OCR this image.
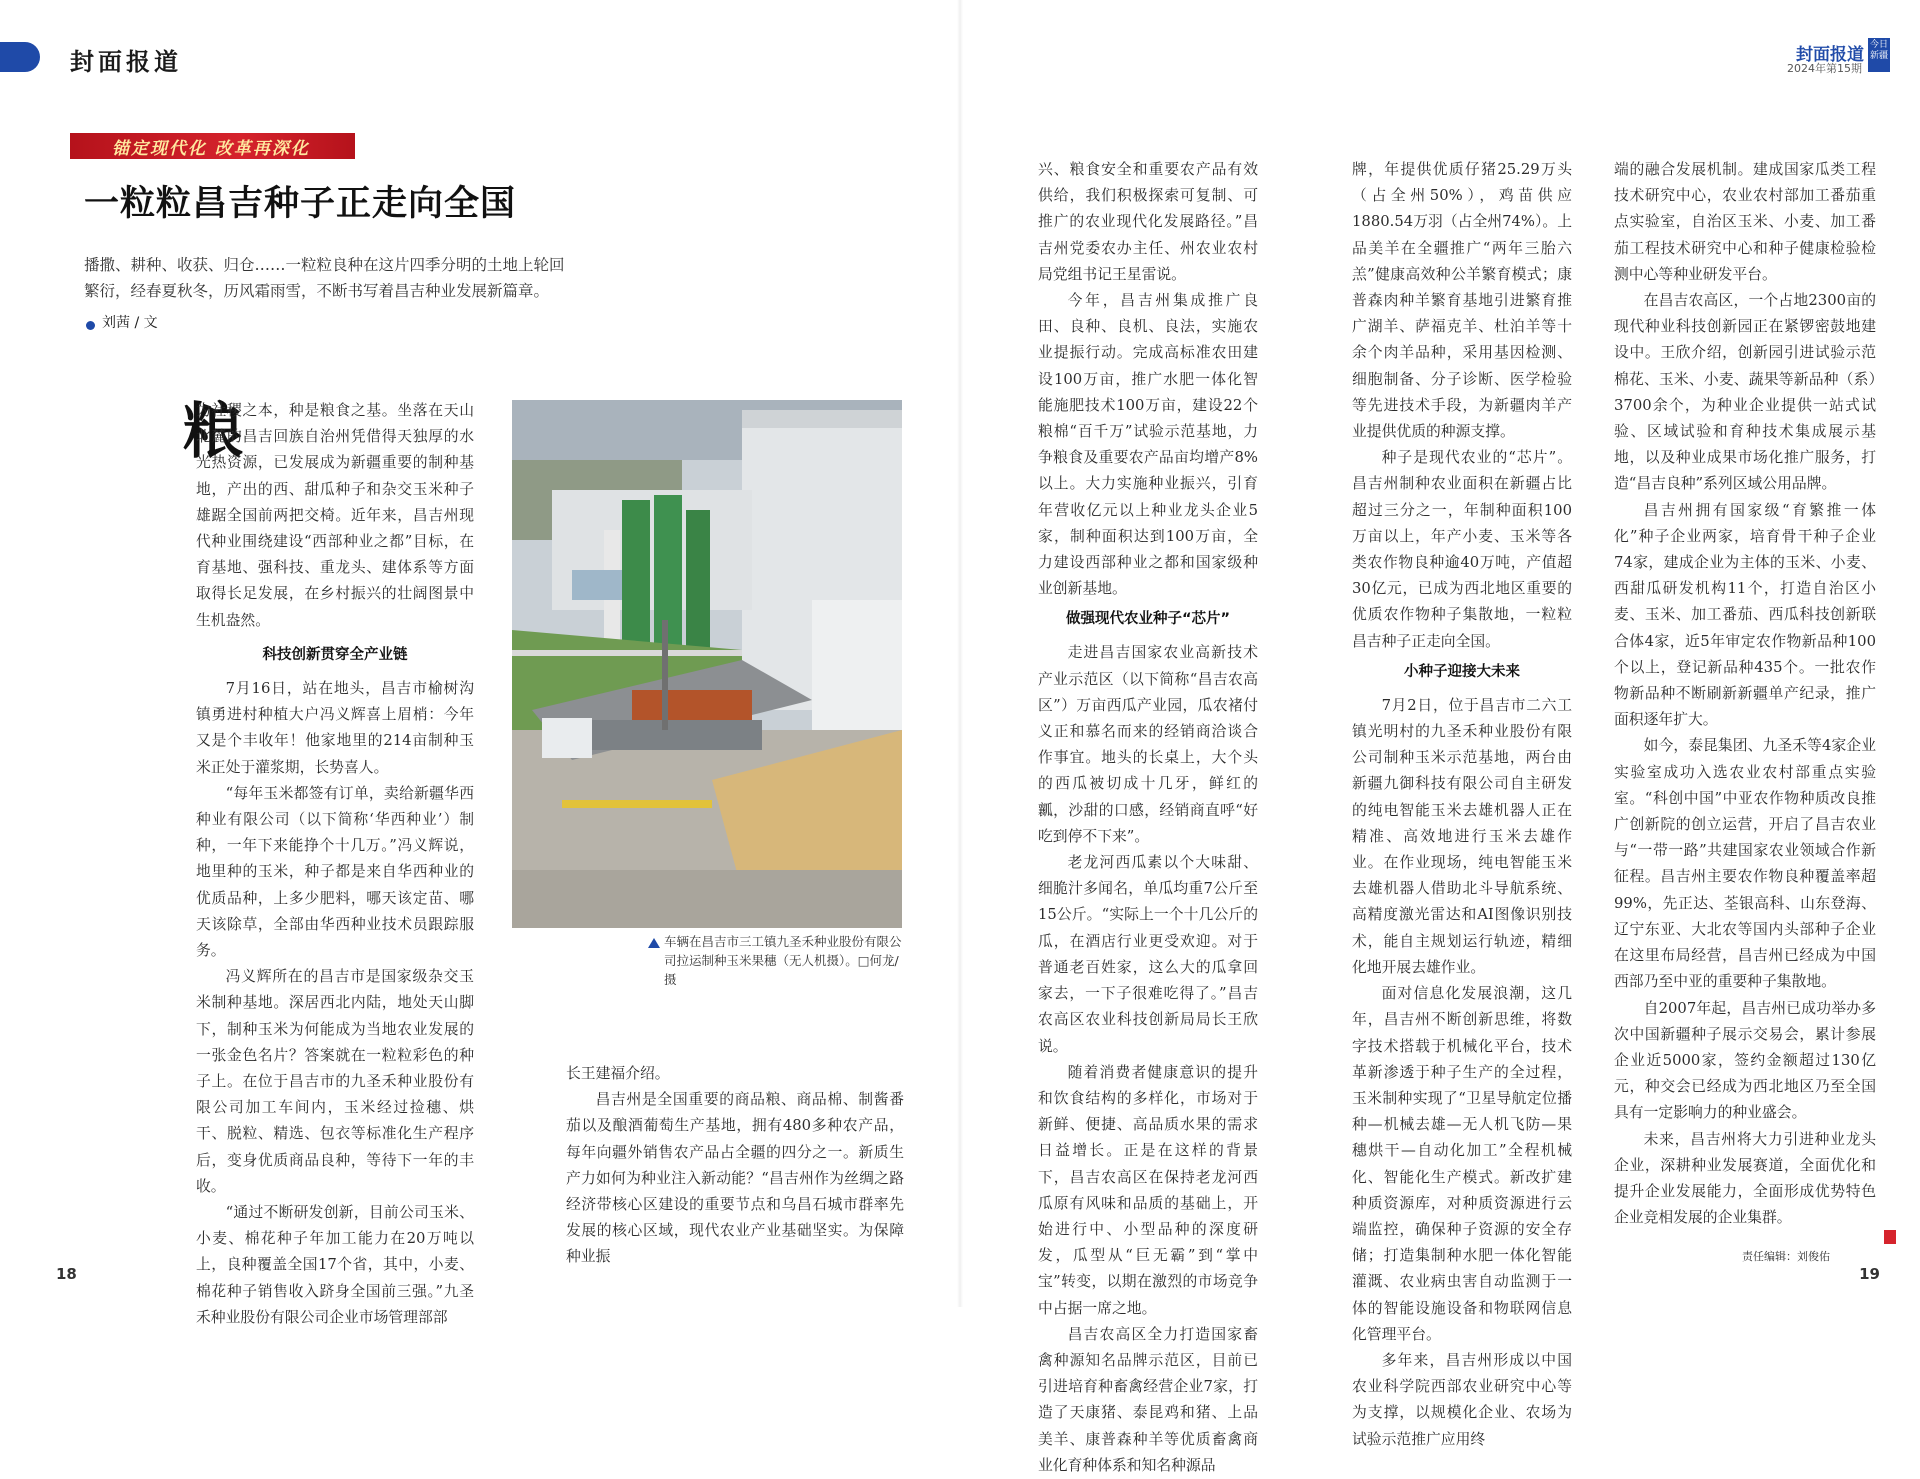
封面报道	封面报道 今日新疆
2024年第15期
锚定现代化 改革再深化
一粒粒昌吉种子正走向全国
播撒、耕种、收获、归仓……一粒粒良种在这片四季分明的土地上轮回繁衍，经春夏秋冬，历风霜雨雪，不断书写着昌吉种业发展新篇章。
刘茜 / 文
粮

为社稷之本，种是粮食之基。坐落在天山北麓的昌吉回族自治州凭借得天独厚的水光热资源，已发展成为新疆重要的制种基地，产出的西、甜瓜种子和杂交玉米种子雄踞全国前两把交椅。近年来，昌吉州现代种业围绕建设“西部种业之都”目标，在育基地、强科技、重龙头、建体系等方面取得长足发展，在乡村振兴的壮阔图景中生机盎然。

科技创新贯穿全产业链

7月16日，站在地头，昌吉市榆树沟镇勇进村种植大户冯义辉喜上眉梢：今年又是个丰收年！他家地里的214亩制种玉米正处于灌浆期，长势喜人。

“每年玉米都签有订单，卖给新疆华西种业有限公司（以下简称‘华西种业’）制种，一年下来能挣个十几万。”冯义辉说，地里种的玉米，种子都是来自华西种业的优质品种，上多少肥料，哪天该定苗、哪天该除草，全部由华西种业技术员跟踪服务。

冯义辉所在的昌吉市是国家级杂交玉米制种基地。深居西北内陆，地处天山脚下，制种玉米为何能成为当地农业发展的一张金色名片？答案就在一粒粒彩色的种子上。在位于昌吉市的九圣禾种业股份有限公司加工车间内，玉米经过捡穗、烘干、脱粒、精选、包衣等标准化生产程序后，变身优质商品良种，等待下一年的丰收。

“通过不断研发创新，目前公司玉米、小麦、棉花种子年加工能力在20万吨以上，良种覆盖全国17个省，其中，小麦、棉花种子销售收入跻身全国前三强。”九圣禾种业股份有限公司企业市场管理部部

车辆在昌吉市三工镇九圣禾种业股份有限公司拉运制种玉米果穗（无人机摄）。□何龙/摄

长王建福介绍。

昌吉州是全国重要的商品粮、商品棉、制酱番茄以及酿酒葡萄生产基地，拥有480多种农产品，每年向疆外销售农产品占全疆的四分之一。新质生产力如何为种业注入新动能？“昌吉州作为丝绸之路经济带核心区建设的重要节点和乌昌石城市群率先发展的核心区域，现代农业产业基础坚实。为保障种业振

兴、粮食安全和重要农产品有效供给，我们积极探索可复制、可推广的农业现代化发展路径。”昌吉州党委农办主任、州农业农村局党组书记王星雷说。

今年，昌吉州集成推广良田、良种、良机、良法，实施农业提振行动。完成高标准农田建设100万亩，推广水肥一体化智能施肥技术100万亩，建设22个粮棉“百千万”试验示范基地，力争粮食及重要农产品亩均增产8%以上。大力实施种业振兴，引育年营收亿元以上种业龙头企业5家，制种面积达到100万亩，全力建设西部种业之都和国家级种业创新基地。

做强现代农业种子“芯片”

走进昌吉国家农业高新技术产业示范区（以下简称“昌吉农高区”）万亩西瓜产业园，瓜农褚付义正和慕名而来的经销商洽谈合作事宜。地头的长桌上，大个头的西瓜被切成十几牙，鲜红的瓤，沙甜的口感，经销商直呼“好吃到停不下来”。

老龙河西瓜素以个大味甜、细脆汁多闻名，单瓜均重7公斤至15公斤。“实际上一个十几公斤的瓜，在酒店行业更受欢迎。对于普通老百姓家，这么大的瓜拿回家去，一下子很难吃得了。”昌吉农高区农业科技创新局局长王欣说。

随着消费者健康意识的提升和饮食结构的多样化，市场对于新鲜、便捷、高品质水果的需求日益增长。正是在这样的背景下，昌吉农高区在保持老龙河西瓜原有风味和品质的基础上，开始进行中、小型品种的深度研发，瓜型从“巨无霸”到“掌中宝”转变，以期在激烈的市场竞争中占据一席之地。

昌吉农高区全力打造国家畜禽种源知名品牌示范区，目前已引进培育种畜禽经营企业7家，打造了天康猪、泰昆鸡和猪、上品美羊、康普森种羊等优质畜禽商业化育种体系和知名种源品

牌，年提供优质仔猪25.29万头（占全州50%），鸡苗供应1880.54万羽（占全州74%）。上品美羊在全疆推广“两年三胎六羔”健康高效种公羊繁育模式；康普森肉种羊繁育基地引进繁育推广湖羊、萨福克羊、杜泊羊等十余个肉羊品种，采用基因检测、细胞制备、分子诊断、医学检验等先进技术手段，为新疆肉羊产业提供优质的种源支撑。

种子是现代农业的“芯片”。昌吉州制种农业面积在新疆占比超过三分之一，年制种面积100万亩以上，年产小麦、玉米等各类农作物良种逾40万吨，产值超30亿元，已成为西北地区重要的优质农作物种子集散地，一粒粒昌吉种子正走向全国。

小种子迎接大未来

7月2日，位于昌吉市二六工镇光明村的九圣禾种业股份有限公司制种玉米示范基地，两台由新疆九御科技有限公司自主研发的纯电智能玉米去雄机器人正在精准、高效地进行玉米去雄作业。在作业现场，纯电智能玉米去雄机器人借助北斗导航系统、高精度激光雷达和AI图像识别技术，能自主规划运行轨迹，精细化地开展去雄作业。

面对信息化发展浪潮，这几年，昌吉州不断创新思维，将数字技术搭载于机械化平台，技术革新渗透于种子生产的全过程，玉米制种实现了“卫星导航定位播种—机械去雄—无人机飞防—果穗烘干—自动化加工”全程机械化、智能化生产模式。新改扩建种质资源库，对种质资源进行云端监控，确保种子资源的安全存储；打造集制种水肥一体化智能灌溉、农业病虫害自动监测于一体的智能设施设备和物联网信息化管理平台。

多年来，昌吉州形成以中国农业科学院西部农业研究中心等为支撑，以规模化企业、农场为试验示范推广应用终

端的融合发展机制。建成国家瓜类工程技术研究中心，农业农村部加工番茄重点实验室，自治区玉米、小麦、加工番茄工程技术研究中心和种子健康检验检测中心等种业研发平台。

在昌吉农高区，一个占地2300亩的现代种业科技创新园正在紧锣密鼓地建设中。王欣介绍，创新园引进试验示范棉花、玉米、小麦、蔬果等新品种（系）3700余个，为种业企业提供一站式试验、区域试验和育种技术集成展示基地，以及种业成果市场化推广服务，打造“昌吉良种”系列区域公用品牌。

昌吉州拥有国家级“育繁推一体化”种子企业两家，培育骨干种子企业74家，建成企业为主体的玉米、小麦、西甜瓜研发机构11个，打造自治区小麦、玉米、加工番茄、西瓜科技创新联合体4家，近5年审定农作物新品种100个以上，登记新品种435个。一批农作物新品种不断刷新新疆单产纪录，推广面积逐年扩大。

如今，泰昆集团、九圣禾等4家企业实验室成功入选农业农村部重点实验室。“科创中国”中亚农作物种质改良推广创新院的创立运营，开启了昌吉农业与“一带一路”共建国家农业领域合作新征程。昌吉州主要农作物良种覆盖率超99%，先正达、荃银高科、山东登海、辽宁东亚、大北农等国内头部种子企业在这里布局经营，昌吉州已经成为中国西部乃至中亚的重要种子集散地。

自2007年起，昌吉州已成功举办多次中国新疆种子展示交易会，累计参展企业近5000家，签约金额超过130亿元，种交会已经成为西北地区乃至全国具有一定影响力的种业盛会。

未来，昌吉州将大力引进种业龙头企业，深耕种业发展赛道，全面优化和提升企业发展能力，全面形成优势特色企业竞相发展的企业集群。

18	19
责任编辑：刘俊佑
